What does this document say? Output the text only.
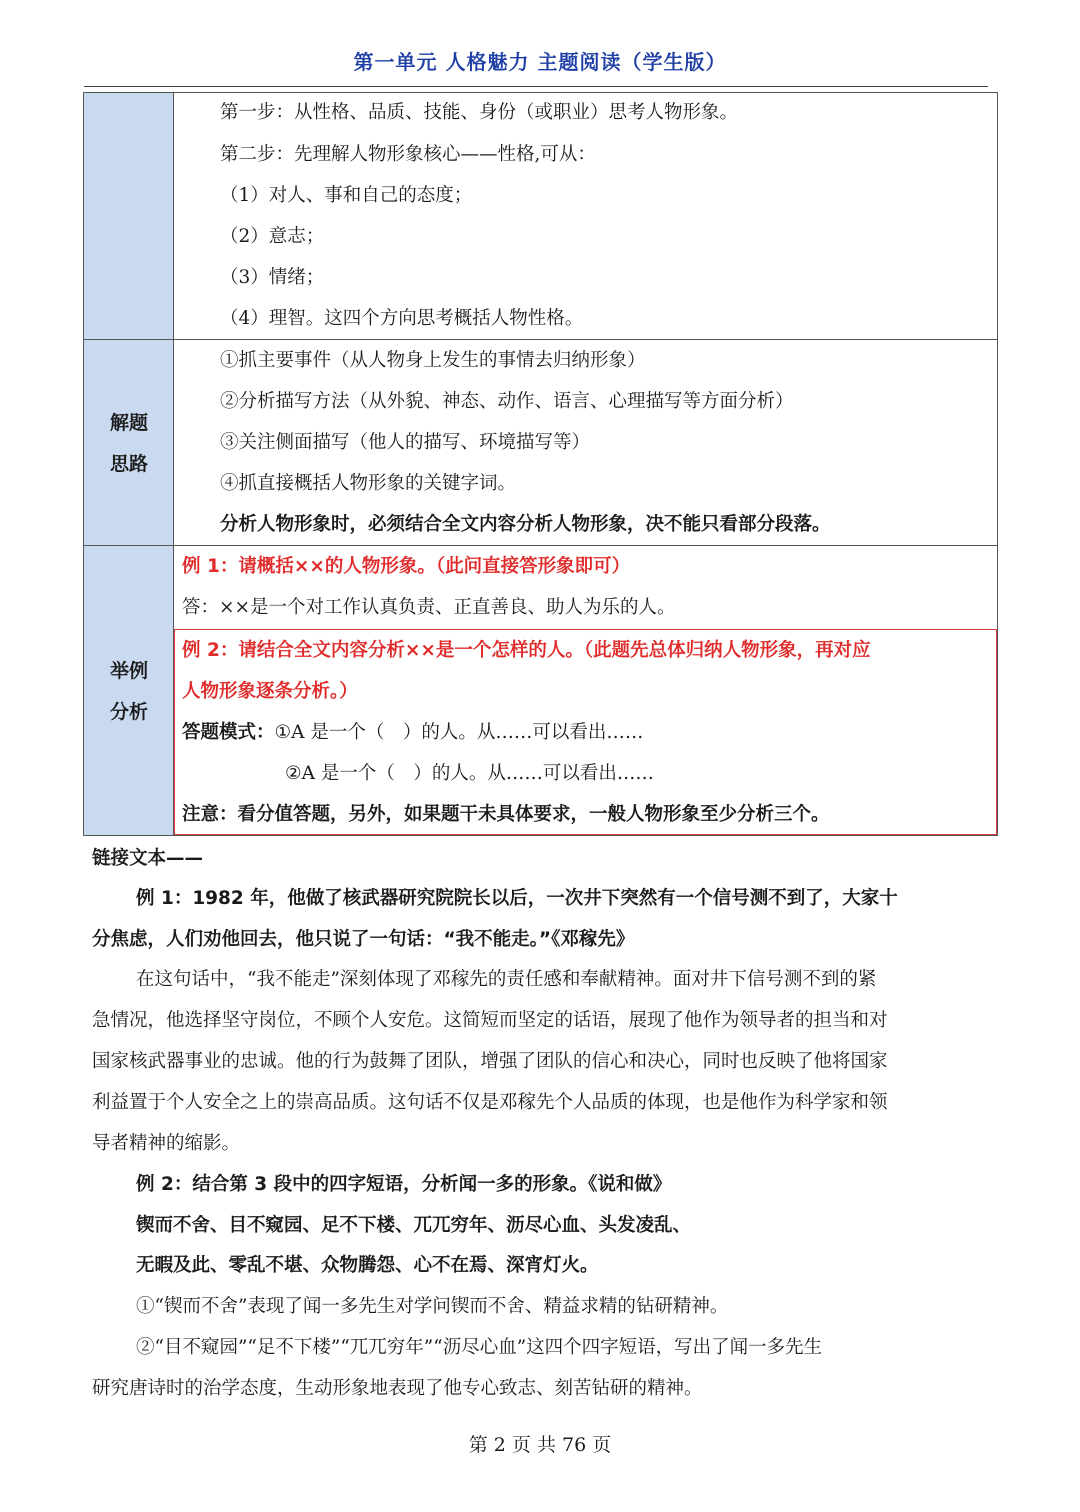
第一单元 人格魅力 主题阅读（学生版）
第一步：从性格、品质、技能、身份（或职业）思考人物形象。
第二步：先理解人物形象核心——性格,可从：
（1）对人、事和自己的态度；
（2）意志；
（3）情绪；
（4）理智。这四个方向思考概括人物性格。
解题
思路
①抓主要事件（从人物身上发生的事情去归纳形象）
②分析描写方法（从外貌、神态、动作、语言、心理描写等方面分析）
③关注侧面描写（他人的描写、环境描写等）
④抓直接概括人物形象的关键字词。
分析人物形象时，必须结合全文内容分析人物形象，决不能只看部分段落。
举例
分析
例 1：请概括××的人物形象。（此问直接答形象即可）
答：××是一个对工作认真负责、正直善良、助人为乐的人。
例 2：请结合全文内容分析××是一个怎样的人。（此题先总体归纳人物形象，再对应
人物形象逐条分析。）
答题模式：①A 是一个（　）的人。从……可以看出……
②A 是一个（　）的人。从……可以看出……
注意：看分值答题，另外，如果题干未具体要求，一般人物形象至少分析三个。
链接文本——
例 1：1982 年，他做了核武器研究院院长以后，一次井下突然有一个信号测不到了，大家十
分焦虑，人们劝他回去，他只说了一句话：“我不能走。”《邓稼先》
在这句话中，“我不能走”深刻体现了邓稼先的责任感和奉献精神。面对井下信号测不到的紧
急情况，他选择坚守岗位，不顾个人安危。这简短而坚定的话语，展现了他作为领导者的担当和对
国家核武器事业的忠诚。他的行为鼓舞了团队，增强了团队的信心和决心，同时也反映了他将国家
利益置于个人安全之上的崇高品质。这句话不仅是邓稼先个人品质的体现，也是他作为科学家和领
导者精神的缩影。
例 2：结合第 3 段中的四字短语，分析闻一多的形象。《说和做》
锲而不舍、目不窥园、足不下楼、兀兀穷年、沥尽心血、头发凌乱、
无暇及此、零乱不堪、众物腾怨、心不在焉、深宵灯火。
①“锲而不舍”表现了闻一多先生对学问锲而不舍、精益求精的钻研精神。
②“目不窥园”“足不下楼”“兀兀穷年”“沥尽心血”这四个四字短语，写出了闻一多先生
研究唐诗时的治学态度，生动形象地表现了他专心致志、刻苦钻研的精神。
第 2 页 共 76 页
